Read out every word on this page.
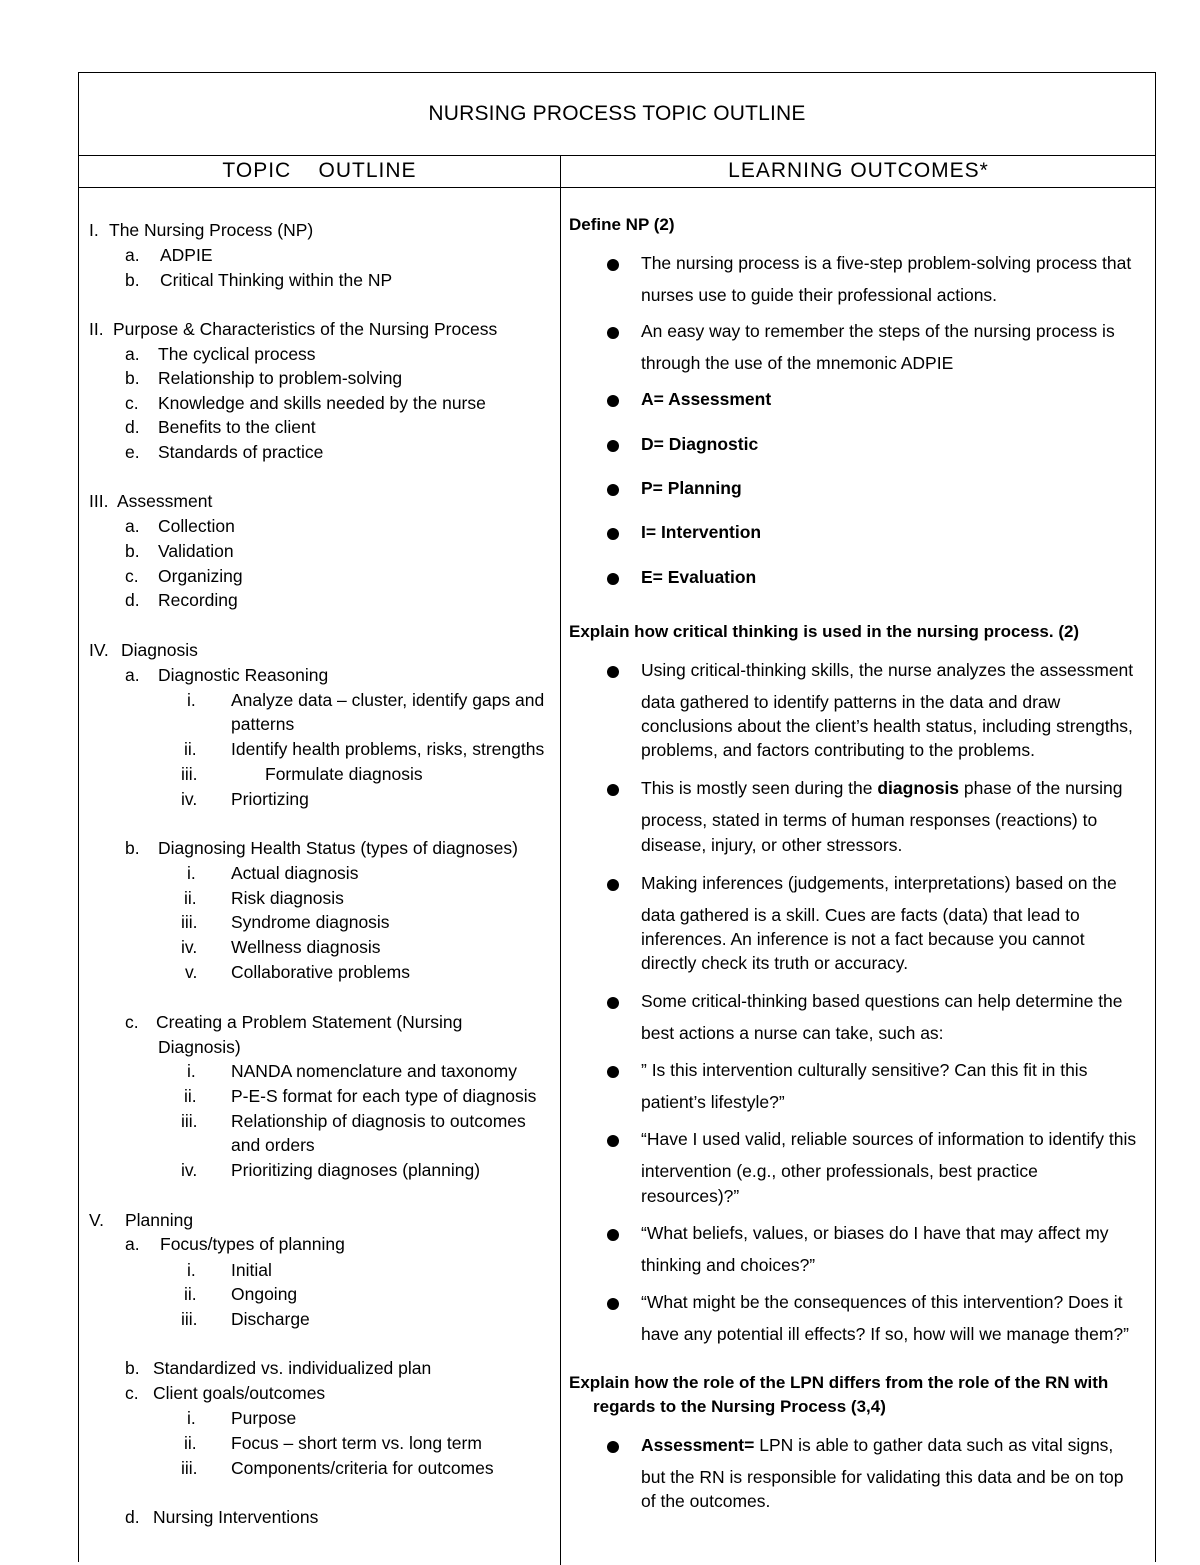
NURSING PROCESS TOPIC OUTLINE
TOPIC    OUTLINE	LEARNING OUTCOMES*
I. The Nursing Process (NP)
a. ADPIE
b. Critical Thinking within the NP
II. Purpose & Characteristics of the Nursing Process
a. The cyclical process
b. Relationship to problem-solving
c. Knowledge and skills needed by the nurse
d. Benefits to the client
e. Standards of practice
III. Assessment
a. Collection
b. Validation
c. Organizing
d. Recording
IV. Diagnosis
a. Diagnostic Reasoning
i. Analyze data – cluster, identify gaps and
patterns
ii. Identify health problems, risks, strengths
iii.	Formulate diagnosis
iv. Priortizing
b. Diagnosing Health Status (types of diagnoses)
i. Actual diagnosis
ii. Risk diagnosis
iii. Syndrome diagnosis
iv. Wellness diagnosis
v. Collaborative problems
c. Creating a Problem Statement (Nursing
Diagnosis)
i. NANDA nomenclature and taxonomy
ii. P-E-S format for each type of diagnosis
iii. Relationship of diagnosis to outcomes
and orders
iv. Prioritizing diagnoses (planning)
V. Planning
a. Focus/types of planning
i. Initial
ii. Ongoing
iii. Discharge
b. Standardized vs. individualized plan
c. Client goals/outcomes
i. Purpose
ii. Focus – short term vs. long term
iii. Components/criteria for outcomes
d. Nursing Interventions
Define NP (2)
The nursing process is a five-step problem-solving process that
nurses use to guide their professional actions.
An easy way to remember the steps of the nursing process is
through the use of the mnemonic ADPIE
A= Assessment
D= Diagnostic
P= Planning
I= Intervention
E= Evaluation
Explain how critical thinking is used in the nursing process. (2)
Using critical-thinking skills, the nurse analyzes the assessment
data gathered to identify patterns in the data and draw
conclusions about the client’s health status, including strengths,
problems, and factors contributing to the problems.
This is mostly seen during the diagnosis phase of the nursing
process, stated in terms of human responses (reactions) to
disease, injury, or other stressors.
Making inferences (judgements, interpretations) based on the
data gathered is a skill. Cues are facts (data) that lead to
inferences. An inference is not a fact because you cannot
directly check its truth or accuracy.
Some critical-thinking based questions can help determine the
best actions a nurse can take, such as:
” Is this intervention culturally sensitive? Can this fit in this
patient’s lifestyle?”
“Have I used valid, reliable sources of information to identify this
intervention (e.g., other professionals, best practice
resources)?”
“What beliefs, values, or biases do I have that may affect my
thinking and choices?”
“What might be the consequences of this intervention? Does it
have any potential ill effects? If so, how will we manage them?”
Explain how the role of the LPN differs from the role of the RN with
regards to the Nursing Process (3,4)
Assessment= LPN is able to gather data such as vital signs,
but the RN is responsible for validating this data and be on top
of the outcomes.
